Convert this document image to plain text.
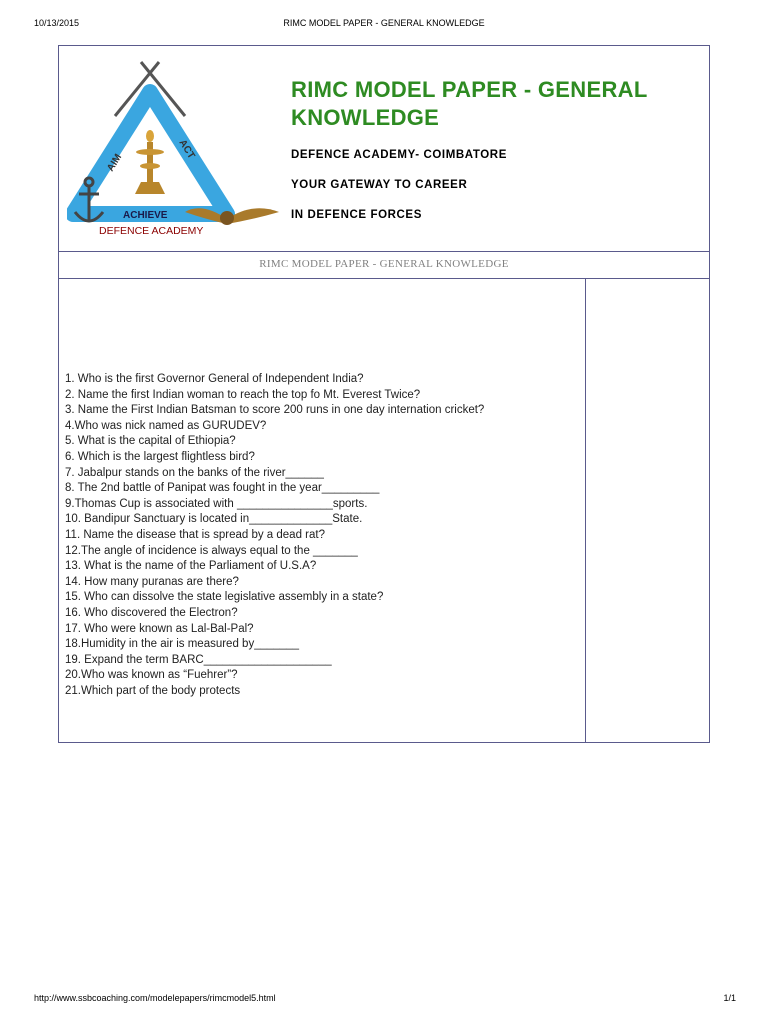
10/13/2015	RIMC MODEL PAPER - GENERAL KNOWLEDGE
AIM
ACT
ACHIEVE
DEFENCE ACADEMY
RIMC MODEL PAPER - GENERAL KNOWLEDGE
DEFENCE ACADEMY- COIMBATORE
YOUR GATEWAY TO CAREER
IN DEFENCE FORCES
RIMC MODEL PAPER - GENERAL KNOWLEDGE
1. Who is the first Governor General of Independent India?
2. Name the first Indian woman to reach the top fo Mt. Everest Twice?
3. Name the First Indian Batsman to score 200 runs in one day internation cricket?
4.Who was nick named as GURUDEV?
5. What is the capital of Ethiopia?
6. Which is the largest flightless bird?
7. Jabalpur stands on the banks of the river______
8. The 2nd battle of Panipat was fought in the year_________
9.Thomas Cup is associated with _______________sports.
10. Bandipur Sanctuary is located in_____________State.
11. Name the disease that is spread by a dead rat?
12.The angle of incidence is always equal to the _______
13. What is the name of the Parliament of U.S.A?
14. How many puranas are there?
15. Who can dissolve the state legislative assembly in a state?
16. Who discovered the Electron?
17. Who were known as Lal-Bal-Pal?
18.Humidity in the air is measured by_______
19. Expand the term BARC____________________
20.Who was known as “Fuehrer”?
21.Which part of the body protects
http://www.ssbcoaching.com/modelepapers/rimcmodel5.html	1/1
